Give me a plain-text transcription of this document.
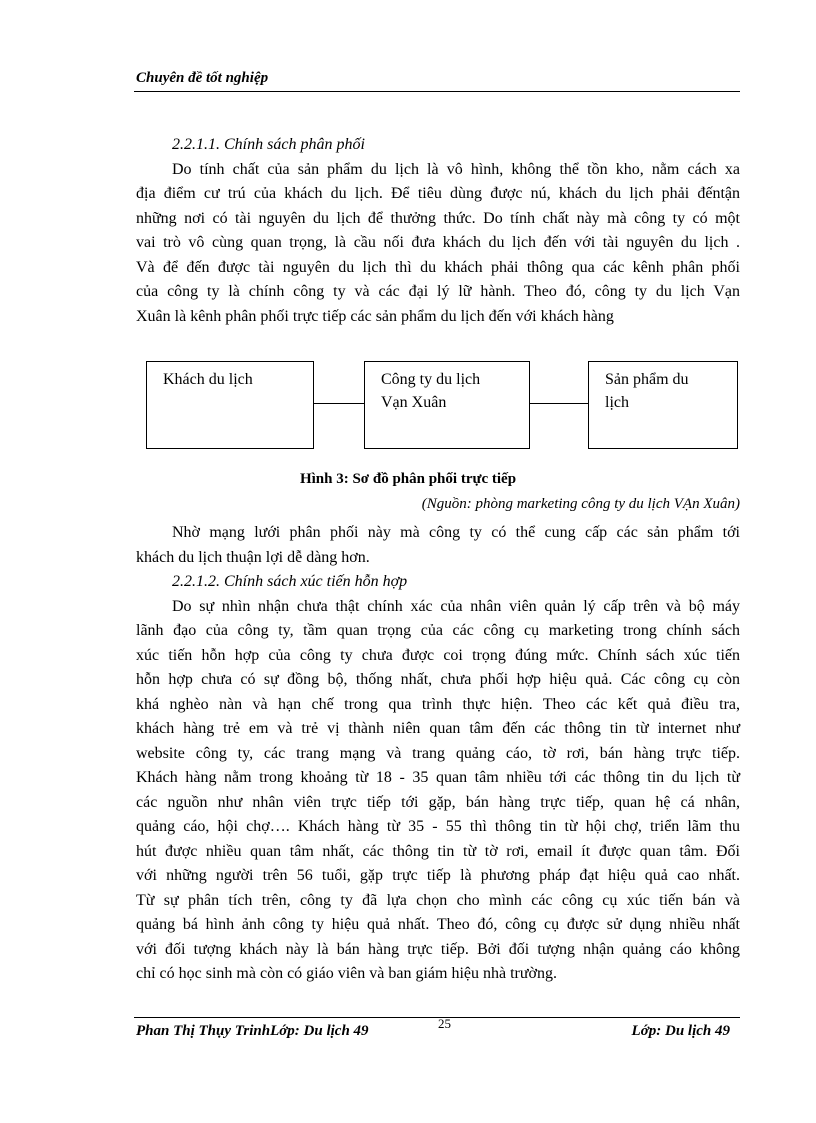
Chuyên đề tốt nghiệp
2.2.1.1. Chính sách phân phối
Do tính chất của sản phẩm du lịch là vô hình, không thể tồn kho, nằm cách xa
địa điểm cư trú của khách du lịch. Để tiêu dùng được nú, khách du lịch phải đếntận
những nơi có tài nguyên du lịch để thưởng thức. Do tính chất này mà công ty có một
vai trò vô cùng quan trọng, là cầu nối đưa khách du lịch đến với tài nguyên du lịch .
Và để đến được tài nguyên du lịch thì du khách phải thông qua các kênh phân phối
của công ty là chính công ty và các đại lý lữ hành. Theo đó, công ty du lịch Vạn
Xuân là kênh phân phối trực tiếp các sản phẩm du lịch đến với khách hàng
Khách du lịch	Công ty du lịch
Vạn Xuân
Sản phẩm du
lịch
Hình 3: Sơ đồ phân phối trực tiếp
(Nguồn: phòng marketing công ty du lịch VẠn Xuân)
Nhờ mạng lưới phân phối này mà công ty có thể cung cấp các sản phẩm tới
khách du lịch thuận lợi dễ dàng hơn.
2.2.1.2. Chính sách xúc tiến hỗn hợp
Do sự nhìn nhận chưa thật chính xác của nhân viên quản lý cấp trên và bộ máy
lãnh đạo của công ty, tầm quan trọng của các công cụ marketing trong chính sách
xúc tiến hỗn hợp của công ty chưa được coi trọng đúng mức. Chính sách xúc tiến
hỗn hợp chưa có sự đồng bộ, thống nhất, chưa phối hợp hiệu quả. Các công cụ còn
khá nghèo nàn và hạn chế trong qua trình thực hiện. Theo các kết quả điều tra,
khách hàng trẻ em và trẻ vị thành niên quan tâm đến các thông tin từ internet như
website công ty, các trang mạng và trang quảng cáo, tờ rơi, bán hàng trực tiếp.
Khách hàng nằm trong khoảng từ 18 - 35 quan tâm nhiều tới các thông tin du lịch từ
các nguồn như nhân viên trực tiếp tới gặp, bán hàng trực tiếp, quan hệ cá nhân,
quảng cáo, hội chợ…. Khách hàng từ 35 - 55 thì thông tin từ hội chợ, triển lãm thu
hút được nhiều quan tâm nhất, các thông tin từ tờ rơi, email ít được quan tâm. Đối
với những người trên 56 tuổi, gặp trực tiếp là phương pháp đạt hiệu quả cao nhất.
Từ sự phân tích trên, công ty đã lựa chọn cho mình các công cụ xúc tiến bán và
quảng bá hình ảnh công ty hiệu quả nhất. Theo đó, công cụ được sử dụng nhiều nhất
với đối tượng khách này là bán hàng trực tiếp. Bởi đối tượng nhận quảng cáo không
chỉ có học sinh mà còn có giáo viên và ban giám hiệu nhà trường.
Phan Thị Thụy TrinhLớp: Du lịch 49	25	Lớp: Du lịch 49
